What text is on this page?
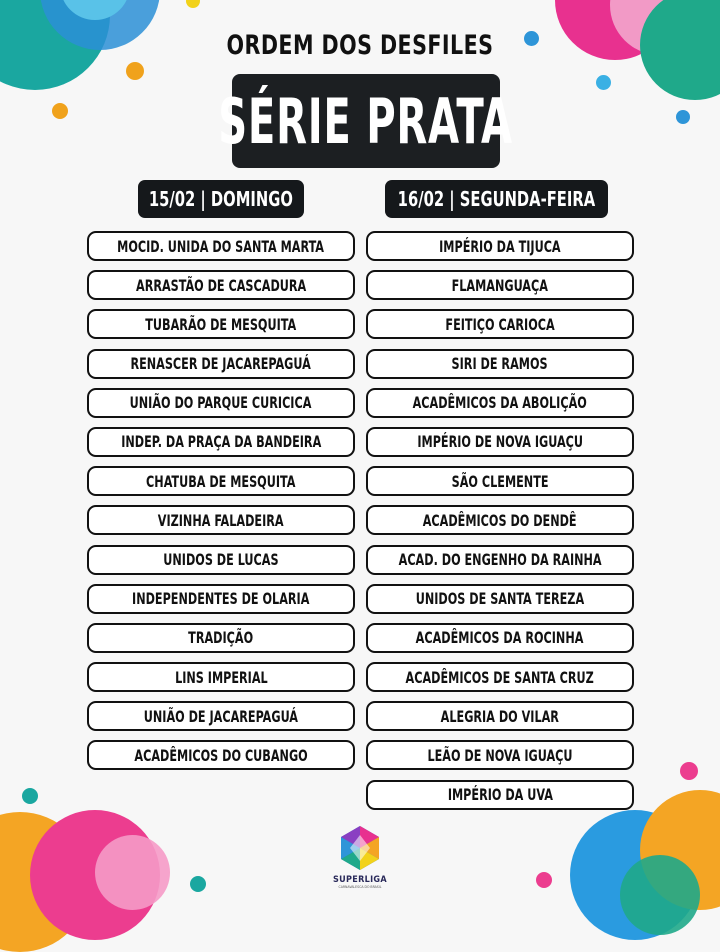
ORDEM DOS DESFILES
SÉRIE PRATA
15/02 | DOMINGO	16/02 | SEGUNDA-FEIRA
MOCID. UNIDA DO SANTA MARTA
ARRASTÃO DE CASCADURA
TUBARÃO DE MESQUITA
RENASCER DE JACAREPAGUÁ
UNIÃO DO PARQUE CURICICA
INDEP. DA PRAÇA DA BANDEIRA
CHATUBA DE MESQUITA
VIZINHA FALADEIRA
UNIDOS DE LUCAS
INDEPENDENTES DE OLARIA
TRADIÇÃO
LINS IMPERIAL
UNIÃO DE JACAREPAGUÁ
ACADÊMICOS DO CUBANGO
IMPÉRIO DA TIJUCA
FLAMANGUAÇA
FEITIÇO CARIOCA
SIRI DE RAMOS
ACADÊMICOS DA ABOLIÇÃO
IMPÉRIO DE NOVA IGUAÇU
SÃO CLEMENTE
ACADÊMICOS DO DENDÊ
ACAD. DO ENGENHO DA RAINHA
UNIDOS DE SANTA TEREZA
ACADÊMICOS DA ROCINHA
ACADÊMICOS DE SANTA CRUZ
ALEGRIA DO VILAR
LEÃO DE NOVA IGUAÇU
IMPÉRIO DA UVA
SUPERLIGA
CARNAVALESCA DO BRASIL
